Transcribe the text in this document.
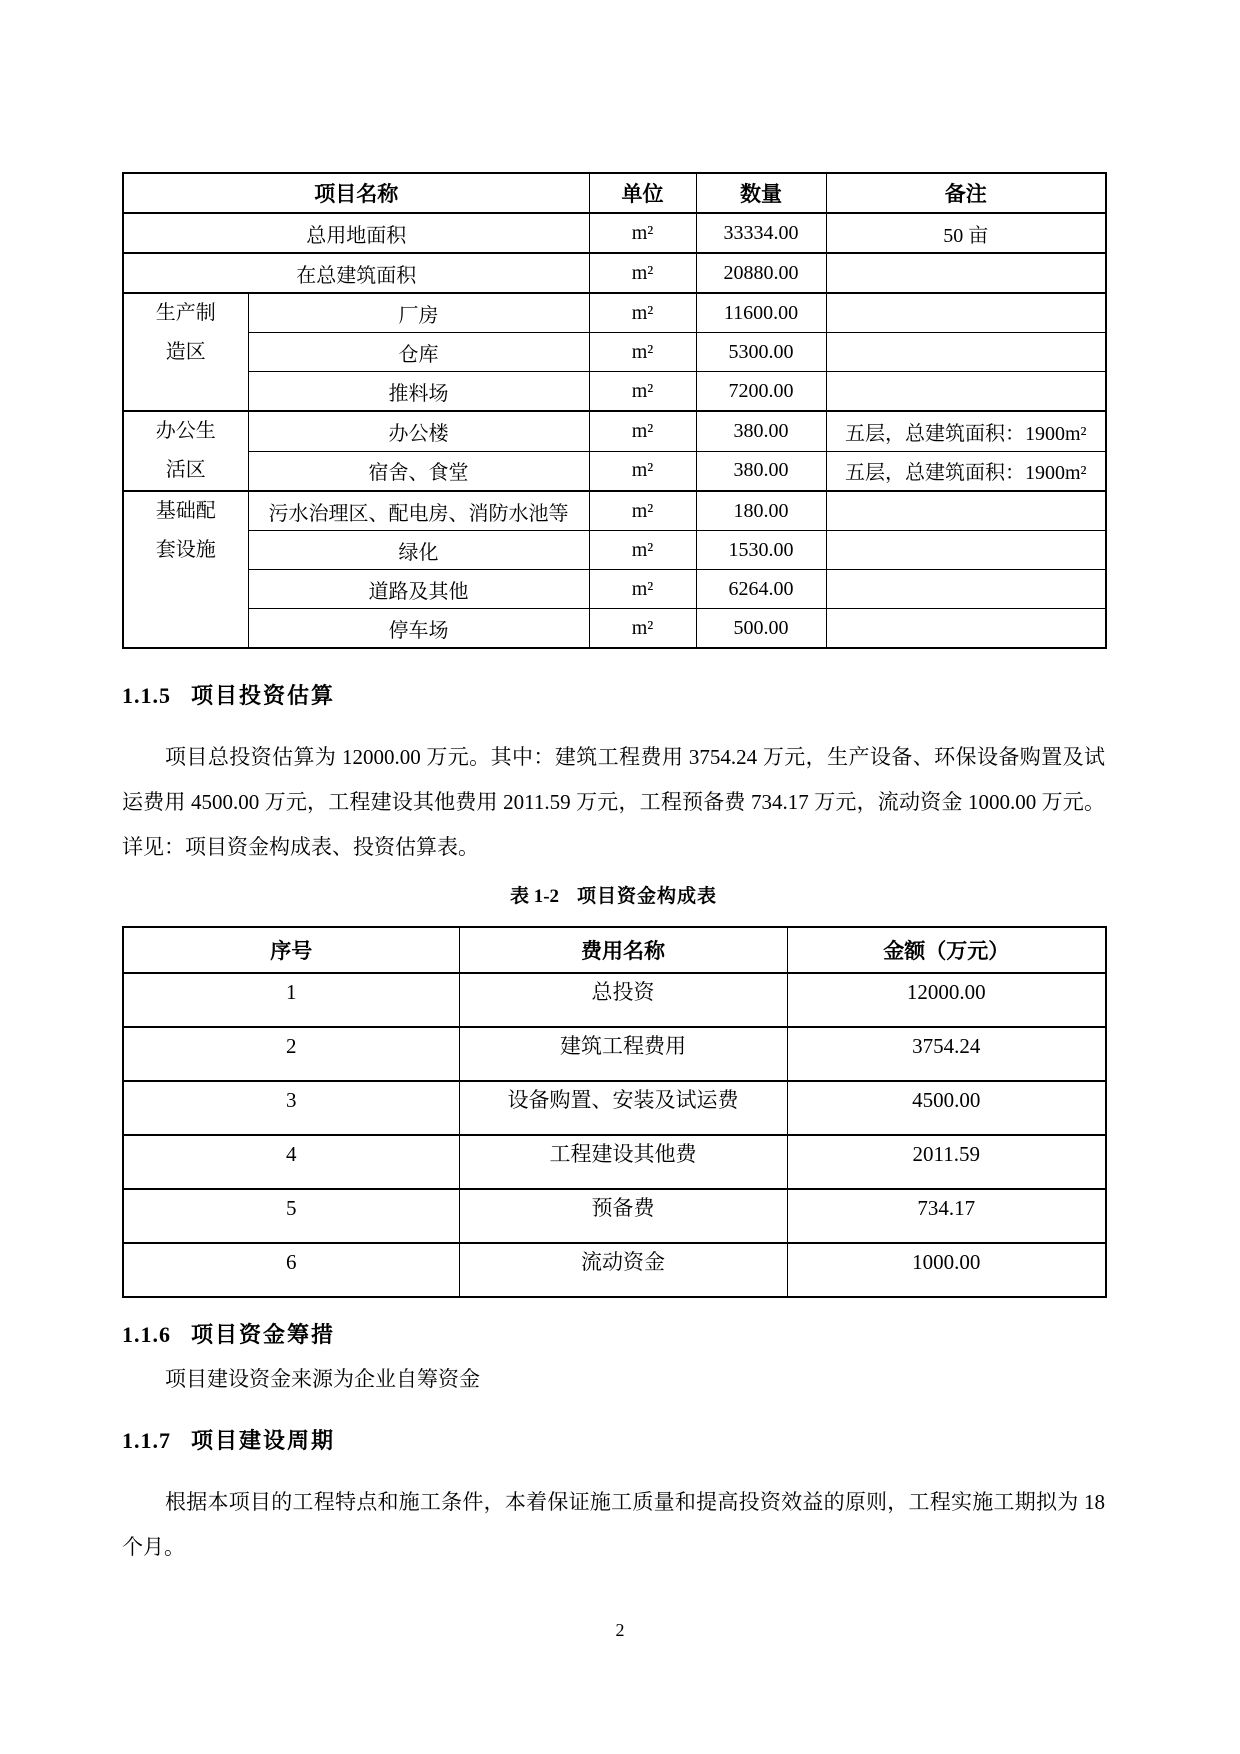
项目名称		单位	数量	备注
总用地面积		m²	33334.00	50 亩
在总建筑面积		m²	20880.00	
生产制造区	厂房	m²	11600.00	
	仓库	m²	5300.00	
	推料场	m²	7200.00	
办公生活区	办公楼	m²	380.00	五层，总建筑面积：1900m²
	宿舍、食堂	m²	380.00	五层，总建筑面积：1900m²
基础配套设施	污水治理区、配电房、消防水池等	m²	180.00	
	绿化	m²	1530.00	
	道路及其他	m²	6264.00	
	停车场	m²	500.00	
1.1.5 项目投资估算

项目总投资估算为 12000.00 万元。其中：建筑工程费用 3754.24 万元，生产设备、环保设备购置及试运费用 4500.00 万元，工程建设其他费用 2011.59 万元，工程预备费 734.17 万元，流动资金 1000.00 万元。详见：项目资金构成表、投资估算表。

表 1-2 项目资金构成表
序号	费用名称	金额（万元）
1	总投资	12000.00
2	建筑工程费用	3754.24
3	设备购置、安装及试运费	4500.00
4	工程建设其他费	2011.59
5	预备费	734.17
6	流动资金	1000.00
1.1.6 项目资金筹措

项目建设资金来源为企业自筹资金

1.1.7 项目建设周期

根据本项目的工程特点和施工条件，本着保证施工质量和提高投资效益的原则，工程实施工期拟为 18 个月。

2
